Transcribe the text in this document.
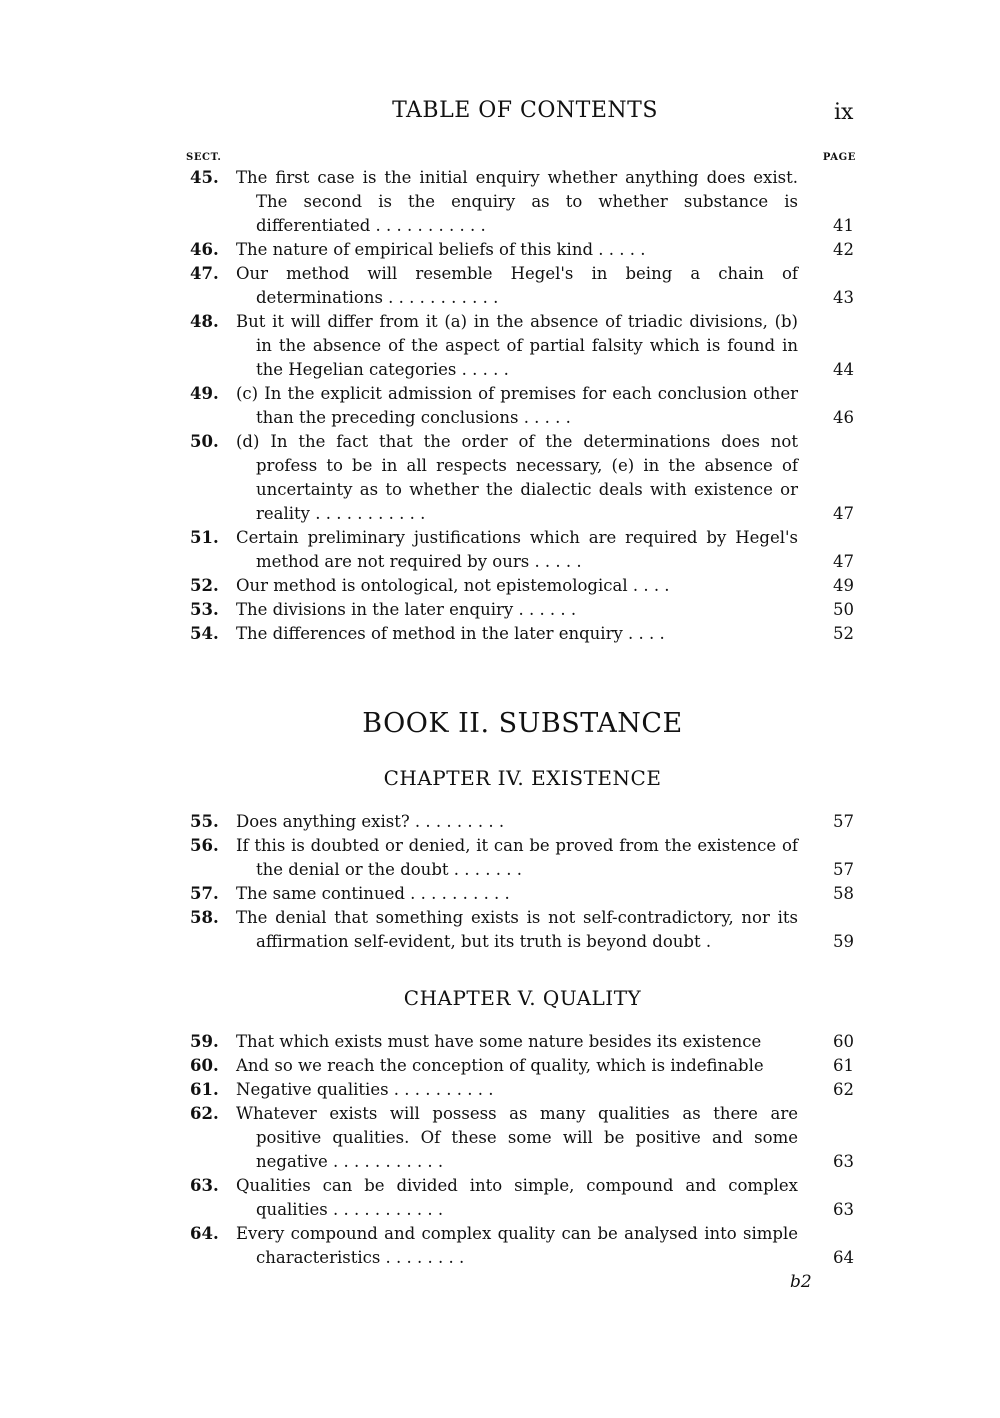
TABLE OF CONTENTS	ix
SECT.	PAGE
45.	The first case is the initial enquiry whether anything does exist. The second is the enquiry as to whether substance is differentiated . . . . . . . . . . .	41
46.	The nature of empirical beliefs of this kind . . . . .	42
47.	Our method will resemble Hegel's in being a chain of determinations . . . . . . . . . . .	43
48.	But it will differ from it (a) in the absence of triadic divisions, (b) in the absence of the aspect of partial falsity which is found in the Hegelian categories . . . . .	44
49.	(c) In the explicit admission of premises for each conclusion other than the preceding conclusions . . . . .	46
50.	(d) In the fact that the order of the determinations does not profess to be in all respects necessary, (e) in the absence of uncertainty as to whether the dialectic deals with existence or reality . . . . . . . . . . .	47
51.	Certain preliminary justifications which are required by Hegel's method are not required by ours . . . . .	47
52.	Our method is ontological, not epistemological . . . .	49
53.	The divisions in the later enquiry . . . . . .	50
54.	The differences of method in the later enquiry . . . .	52
BOOK II. SUBSTANCE
CHAPTER IV. EXISTENCE
55.	Does anything exist? . . . . . . . . .	57
56.	If this is doubted or denied, it can be proved from the existence of the denial or the doubt . . . . . . .	57
57.	The same continued . . . . . . . . . .	58
58.	The denial that something exists is not self-contradictory, nor its affirmation self-evident, but its truth is beyond doubt .	59
CHAPTER V. QUALITY
59.	That which exists must have some nature besides its existence	60
60.	And so we reach the conception of quality, which is indefinable	61
61.	Negative qualities . . . . . . . . . .	62
62.	Whatever exists will possess as many qualities as there are positive qualities. Of these some will be positive and some negative . . . . . . . . . . .	63
63.	Qualities can be divided into simple, compound and complex qualities . . . . . . . . . . .	63
64.	Every compound and complex quality can be analysed into simple characteristics . . . . . . . .	64
b2
